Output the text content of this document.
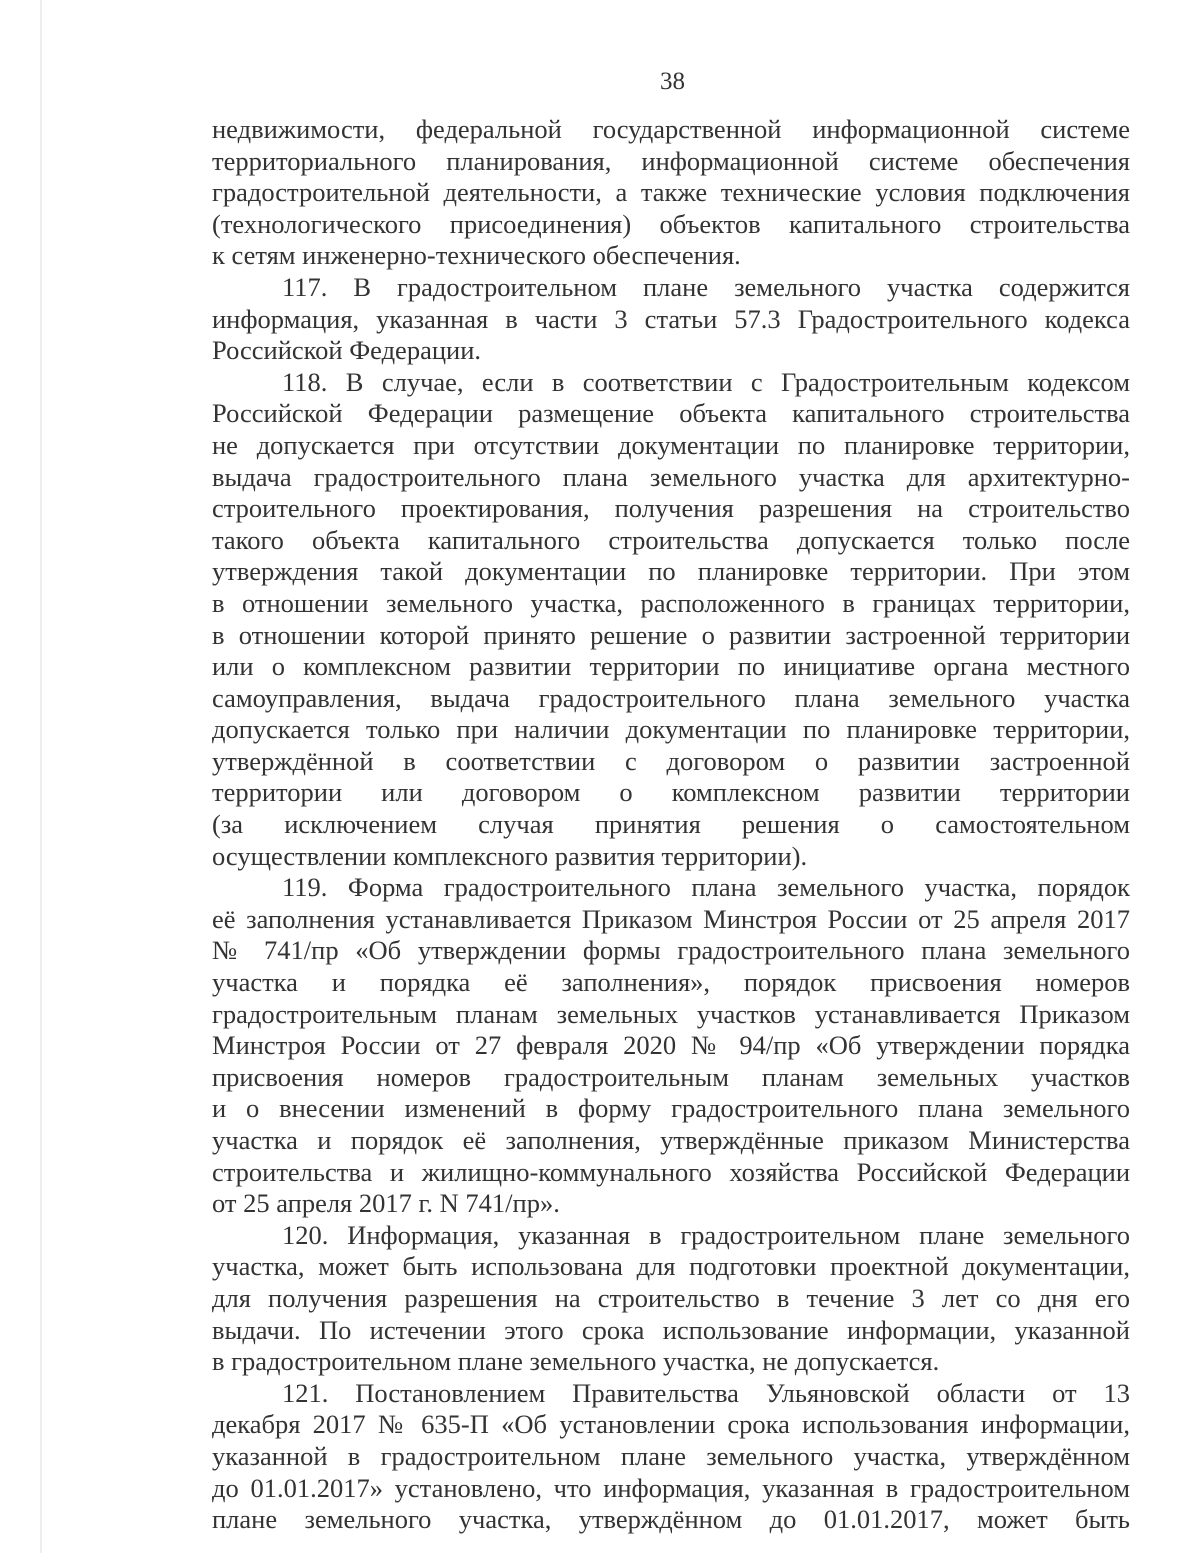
38

недвижимости, федеральной государственной информационной системе

территориального планирования, информационной системе обеспечения

градостроительной деятельности, а также технические условия подключения

(технологического присоединения) объектов капитального строительства

к сетям инженерно-технического обеспечения.

117. В градостроительном плане земельного участка содержится

информация, указанная в части 3 статьи 57.3 Градостроительного кодекса

Российской Федерации.

118. В случае, если в соответствии с Градостроительным кодексом

Российской Федерации размещение объекта капитального строительства

не допускается при отсутствии документации по планировке территории,

выдача градостроительного плана земельного участка для архитектурно-

строительного проектирования, получения разрешения на строительство

такого объекта капитального строительства допускается только после

утверждения такой документации по планировке территории. При этом

в отношении земельного участка, расположенного в границах территории,

в отношении которой принято решение о развитии застроенной территории

или о комплексном развитии территории по инициативе органа местного

самоуправления, выдача градостроительного плана земельного участка

допускается только при наличии документации по планировке территории,

утверждённой в соответствии с договором о развитии застроенной

территории или договором о комплексном развитии территории

(за исключением случая принятия решения о самостоятельном

осуществлении комплексного развития территории).

119. Форма градостроительного плана земельного участка, порядок

её заполнения устанавливается Приказом Минстроя России от 25 апреля 2017

№ 741/пр «Об утверждении формы градостроительного плана земельного

участка и порядка её заполнения», порядок присвоения номеров

градостроительным планам земельных участков устанавливается Приказом

Минстроя России от 27 февраля 2020 № 94/пр «Об утверждении порядка

присвоения номеров градостроительным планам земельных участков

и о внесении изменений в форму градостроительного плана земельного

участка и порядок её заполнения, утверждённые приказом Министерства

строительства и жилищно-коммунального хозяйства Российской Федерации

от 25 апреля 2017 г. N 741/пр».

120. Информация, указанная в градостроительном плане земельного

участка, может быть использована для подготовки проектной документации,

для получения разрешения на строительство в течение 3 лет со дня его

выдачи. По истечении этого срока использование информации, указанной

в градостроительном плане земельного участка, не допускается.

121. Постановлением Правительства Ульяновской области от 13

декабря 2017 № 635-П «Об установлении срока использования информации,

указанной в градостроительном плане земельного участка, утверждённом

до 01.01.2017» установлено, что информация, указанная в градостроительном

плане земельного участка, утверждённом до 01.01.2017, может быть
